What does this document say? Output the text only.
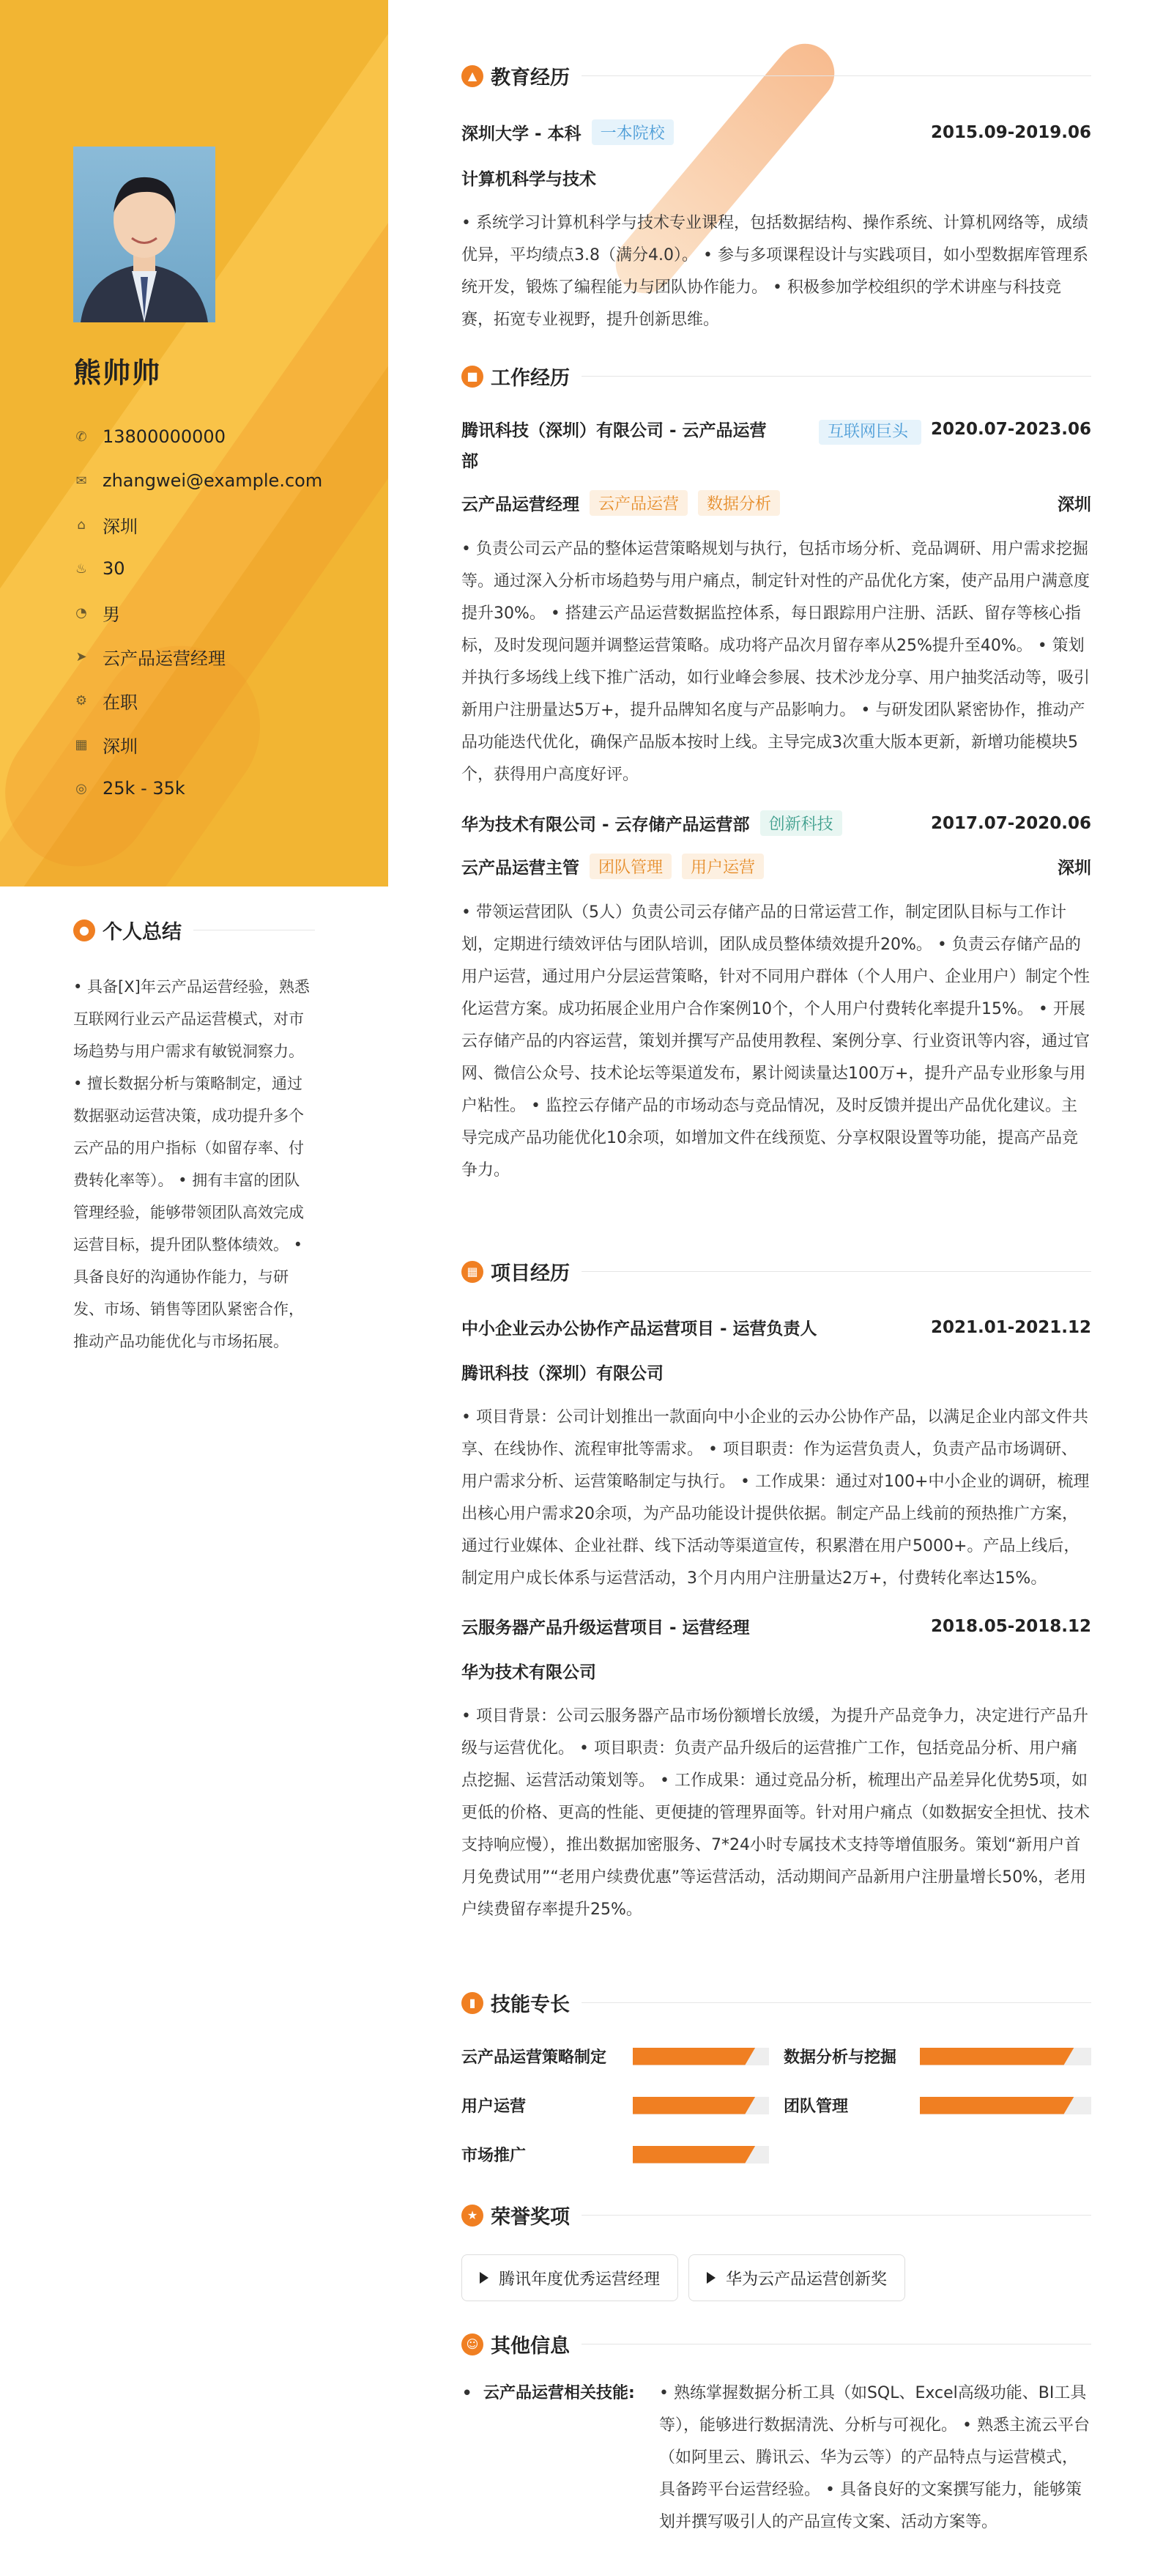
熊帅帅
✆ 13800000000
✉ zhangwei@example.com
⌂ 深圳
♨ 30
◔ 男
➤ 云产品运营经理
⚙ 在职
▦ 深圳
◎ 25k - 35k
● 个人总结

• 具备[X]年云产品运营经验，熟悉互联网行业云产品运营模式，对市场趋势与用户需求有敏锐洞察力。 • 擅长数据分析与策略制定，通过数据驱动运营决策，成功提升多个云产品的用户指标（如留存率、付费转化率等）。 • 拥有丰富的团队管理经验，能够带领团队高效完成运营目标，提升团队整体绩效。 • 具备良好的沟通协作能力，与研发、市场、销售等团队紧密合作，推动产品功能优化与市场拓展。

▲ 教育经历
深圳大学 - 本科	一本院校	2015.09-2019.06
计算机科学与技术

• 系统学习计算机科学与技术专业课程，包括数据结构、操作系统、计算机网络等，成绩优异，平均绩点3.8（满分4.0）。 • 参与多项课程设计与实践项目，如小型数据库管理系统开发，锻炼了编程能力与团队协作能力。 • 积极参加学校组织的学术讲座与科技竞赛，拓宽专业视野，提升创新思维。

■ 工作经历
腾讯科技（深圳）有限公司 - 云产品运营
部
互联网巨头	2020.07-2023.06
云产品运营经理	云产品运营	数据分析	深圳

• 负责公司云产品的整体运营策略规划与执行，包括市场分析、竞品调研、用户需求挖掘等。通过深入分析市场趋势与用户痛点，制定针对性的产品优化方案，使产品用户满意度提升30%。 • 搭建云产品运营数据监控体系，每日跟踪用户注册、活跃、留存等核心指标，及时发现问题并调整运营策略。成功将产品次月留存率从25%提升至40%。 • 策划并执行多场线上线下推广活动，如行业峰会参展、技术沙龙分享、用户抽奖活动等，吸引新用户注册量达5万+，提升品牌知名度与产品影响力。 • 与研发团队紧密协作，推动产品功能迭代优化，确保产品版本按时上线。主导完成3次重大版本更新，新增功能模块5个，获得用户高度好评。

华为技术有限公司 - 云存储产品运营部	创新科技	2017.07-2020.06
云产品运营主管	团队管理	用户运营	深圳

• 带领运营团队（5人）负责公司云存储产品的日常运营工作，制定团队目标与工作计划，定期进行绩效评估与团队培训，团队成员整体绩效提升20%。 • 负责云存储产品的用户运营，通过用户分层运营策略，针对不同用户群体（个人用户、企业用户）制定个性化运营方案。成功拓展企业用户合作案例10个，个人用户付费转化率提升15%。 • 开展云存储产品的内容运营，策划并撰写产品使用教程、案例分享、行业资讯等内容，通过官网、微信公众号、技术论坛等渠道发布，累计阅读量达100万+，提升产品专业形象与用户粘性。 • 监控云存储产品的市场动态与竞品情况，及时反馈并提出产品优化建议。主导完成产品功能优化10余项，如增加文件在线预览、分享权限设置等功能，提高产品竞争力。

▦ 项目经历
中小企业云办公协作产品运营项目 - 运营负责人	2021.01-2021.12
腾讯科技（深圳）有限公司

• 项目背景：公司计划推出一款面向中小企业的云办公协作产品，以满足企业内部文件共享、在线协作、流程审批等需求。 • 项目职责：作为运营负责人，负责产品市场调研、用户需求分析、运营策略制定与执行。 • 工作成果：通过对100+中小企业的调研，梳理出核心用户需求20余项，为产品功能设计提供依据。制定产品上线前的预热推广方案，通过行业媒体、企业社群、线下活动等渠道宣传，积累潜在用户5000+。产品上线后，制定用户成长体系与运营活动，3个月内用户注册量达2万+，付费转化率达15%。

云服务器产品升级运营项目 - 运营经理	2018.05-2018.12
华为技术有限公司

• 项目背景：公司云服务器产品市场份额增长放缓，为提升产品竞争力，决定进行产品升级与运营优化。 • 项目职责：负责产品升级后的运营推广工作，包括竞品分析、用户痛点挖掘、运营活动策划等。 • 工作成果：通过竞品分析，梳理出产品差异化优势5项，如更低的价格、更高的性能、更便捷的管理界面等。针对用户痛点（如数据安全担忧、技术支持响应慢），推出数据加密服务、7*24小时专属技术支持等增值服务。策划“新用户首月免费试用”“老用户续费优惠”等运营活动，活动期间产品新用户注册量增长50%，老用户续费留存率提升25%。

▮ 技能专长
云产品运营策略制定	数据分析与挖掘
用户运营	团队管理
市场推广
★ 荣誉奖项
腾讯年度优秀运营经理	华为云产品运营创新奖
☺ 其他信息
• 云产品运营相关技能:	• 熟练掌握数据分析工具（如SQL、Excel高级功能、BI工具等），能够进行数据清洗、分析与可视化。 • 熟悉主流云平台（如阿里云、腾讯云、华为云等）的产品特点与运营模式，具备跨平台运营经验。 • 具备良好的文案撰写能力，能够策划并撰写吸引人的产品宣传文案、活动方案等。
